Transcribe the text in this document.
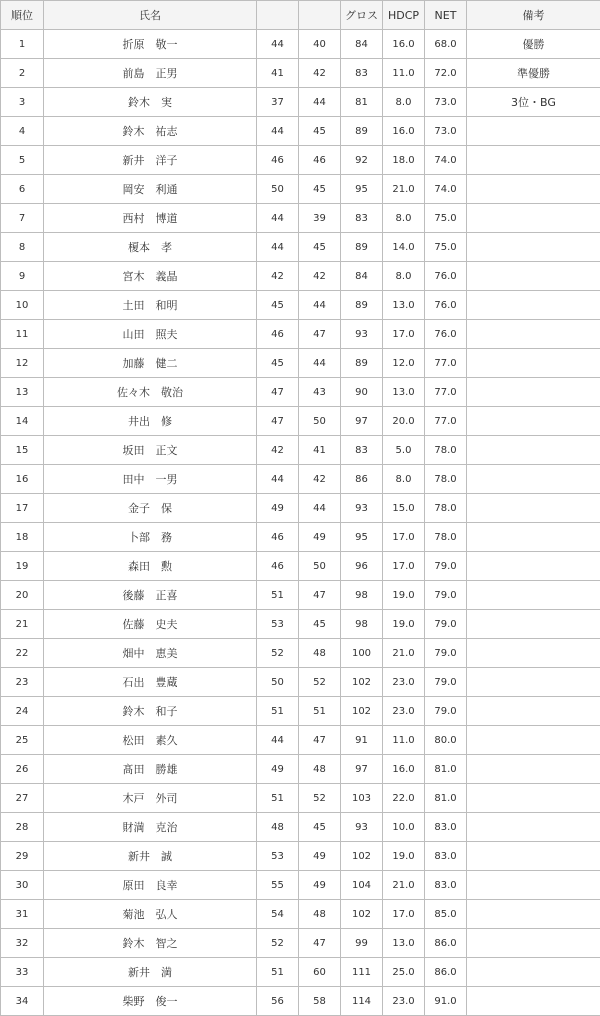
順位	氏名			グロス	HDCP	NET	備考
1	折原　敬一	44	40	84	16.0	68.0	優勝
2	前島　正男	41	42	83	11.0	72.0	準優勝
3	鈴木　実	37	44	81	8.0	73.0	3位・BG
4	鈴木　祐志	44	45	89	16.0	73.0	
5	新井　洋子	46	46	92	18.0	74.0	
6	岡安　利通	50	45	95	21.0	74.0	
7	西村　博道	44	39	83	8.0	75.0	
8	榎本　孝	44	45	89	14.0	75.0	
9	宮木　義晶	42	42	84	8.0	76.0	
10	土田　和明	45	44	89	13.0	76.0	
11	山田　照夫	46	47	93	17.0	76.0	
12	加藤　健二	45	44	89	12.0	77.0	
13	佐々木　敬治	47	43	90	13.0	77.0	
14	井出　修	47	50	97	20.0	77.0	
15	坂田　正文	42	41	83	5.0	78.0	
16	田中　一男	44	42	86	8.0	78.0	
17	金子　保	49	44	93	15.0	78.0	
18	卜部　務	46	49	95	17.0	78.0	
19	森田　勲	46	50	96	17.0	79.0	
20	後藤　正喜	51	47	98	19.0	79.0	
21	佐藤　史夫	53	45	98	19.0	79.0	
22	畑中　恵美	52	48	100	21.0	79.0	
23	石出　豊蔵	50	52	102	23.0	79.0	
24	鈴木　和子	51	51	102	23.0	79.0	
25	松田　素久	44	47	91	11.0	80.0	
26	髙田　勝雄	49	48	97	16.0	81.0	
27	木戸　外司	51	52	103	22.0	81.0	
28	財満　克治	48	45	93	10.0	83.0	
29	新井　誠	53	49	102	19.0	83.0	
30	原田　良幸	55	49	104	21.0	83.0	
31	菊池　弘人	54	48	102	17.0	85.0	
32	鈴木　智之	52	47	99	13.0	86.0	
33	新井　満	51	60	111	25.0	86.0	
34	柴野　俊一	56	58	114	23.0	91.0	
